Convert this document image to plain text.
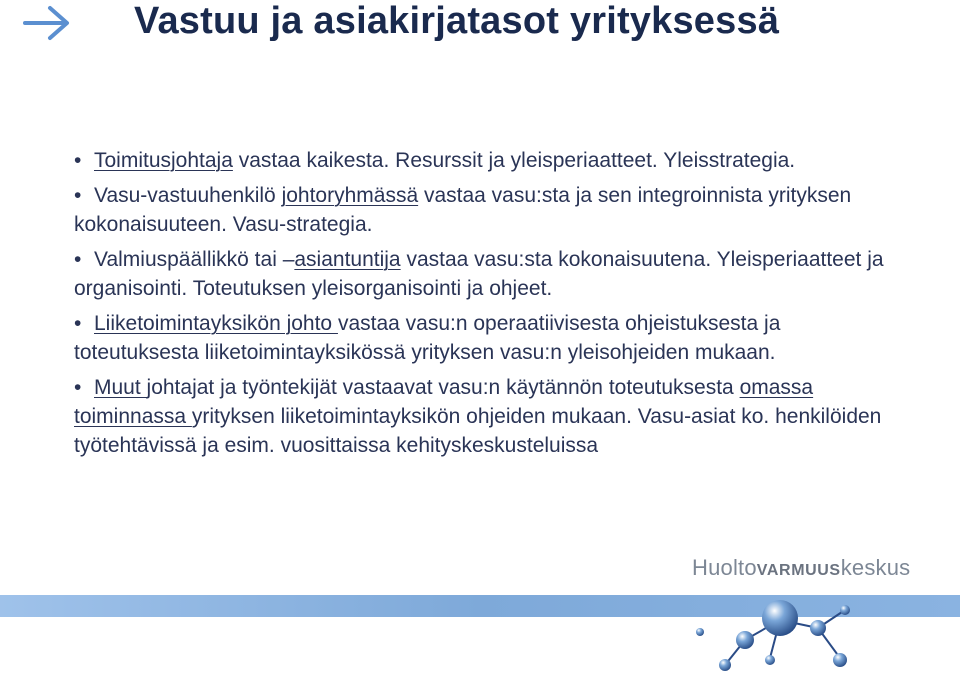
Vastuu ja asiakirjatasot yrityksessä

• Toimitusjohtaja vastaa kaikesta. Resurssit ja yleisperiaatteet. Yleisstrategia.

• Vasu-vastuuhenkilö johtoryhmässä vastaa vasu:sta ja sen integroinnista yrityksen kokonaisuuteen. Vasu-strategia.

• Valmiuspäällikkö tai –asiantuntija vastaa vasu:sta kokonaisuutena. Yleisperiaatteet ja organisointi. Toteutuksen yleisorganisointi ja ohjeet.

• Liiketoimintayksikön johto vastaa vasu:n operaatiivisesta ohjeistuksesta ja toteutuksesta liiketoimintayksikössä yrityksen vasu:n yleisohjeiden mukaan.

• Muut johtajat ja työntekijät vastaavat vasu:n käytännön toteutuksesta omassa toiminnassa yrityksen liiketoimintayksikön ohjeiden mukaan. Vasu-asiat ko. henkilöiden työtehtävissä ja esim. vuosittaissa kehityskeskusteluissa

HuoltoVARMUUSkeskus
